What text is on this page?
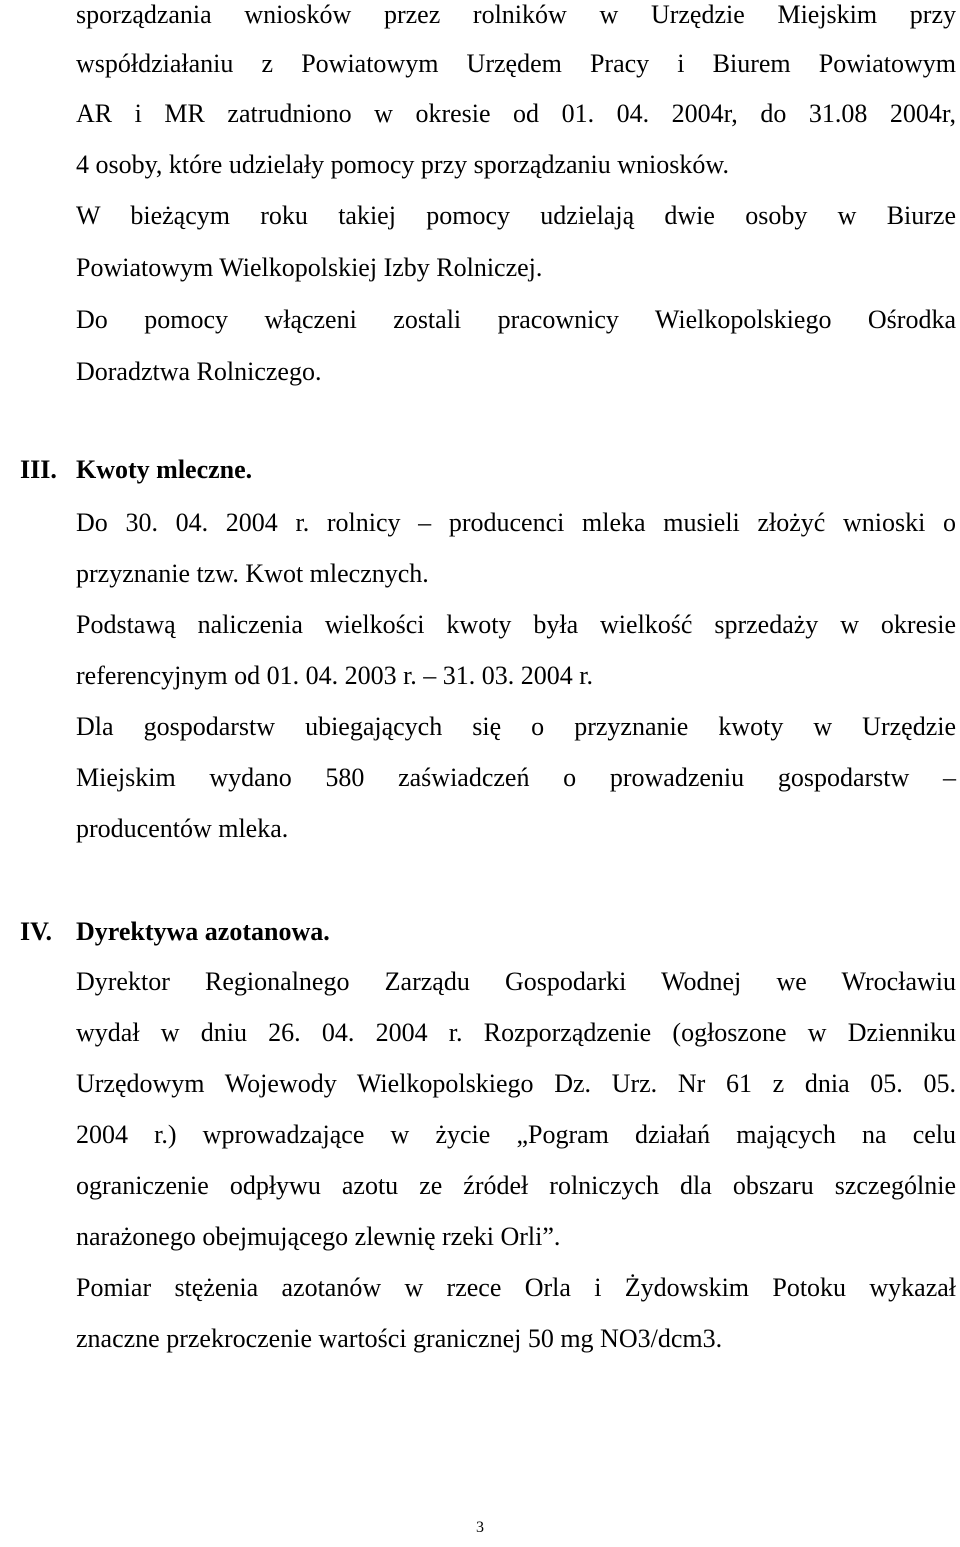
sporządzania wniosków przez rolników w Urzędzie Miejskim przy
współdziałaniu z Powiatowym Urzędem Pracy i Biurem Powiatowym
AR i MR zatrudniono w okresie od 01. 04. 2004r, do 31.08 2004r,
4 osoby, które udzielały pomocy przy sporządzaniu wniosków.
W bieżącym roku takiej pomocy udzielają dwie osoby w Biurze
Powiatowym Wielkopolskiej Izby Rolniczej.
Do pomocy włączeni zostali pracownicy Wielkopolskiego Ośrodka
Doradztwa Rolniczego.
III. Kwoty mleczne.
Do 30. 04. 2004 r. rolnicy – producenci mleka musieli złożyć wnioski o
przyznanie tzw. Kwot mlecznych.
Podstawą naliczenia wielkości kwoty była wielkość sprzedaży w okresie
referencyjnym od 01. 04. 2003 r. – 31. 03. 2004 r.
Dla gospodarstw ubiegających się o przyznanie kwoty w Urzędzie
Miejskim wydano 580 zaświadczeń o prowadzeniu gospodarstw –
producentów mleka.
IV. Dyrektywa azotanowa.
Dyrektor Regionalnego Zarządu Gospodarki Wodnej we Wrocławiu
wydał w dniu 26. 04. 2004 r. Rozporządzenie (ogłoszone w Dzienniku
Urzędowym Wojewody Wielkopolskiego Dz. Urz. Nr 61 z dnia 05. 05.
2004 r.) wprowadzające w życie „Pogram działań mających na celu
ograniczenie odpływu azotu ze źródeł rolniczych dla obszaru szczególnie
narażonego obejmującego zlewnię rzeki Orli”.
Pomiar stężenia azotanów w rzece Orla i Żydowskim Potoku wykazał
znaczne przekroczenie wartości granicznej 50 mg NO3/dcm3.
3
